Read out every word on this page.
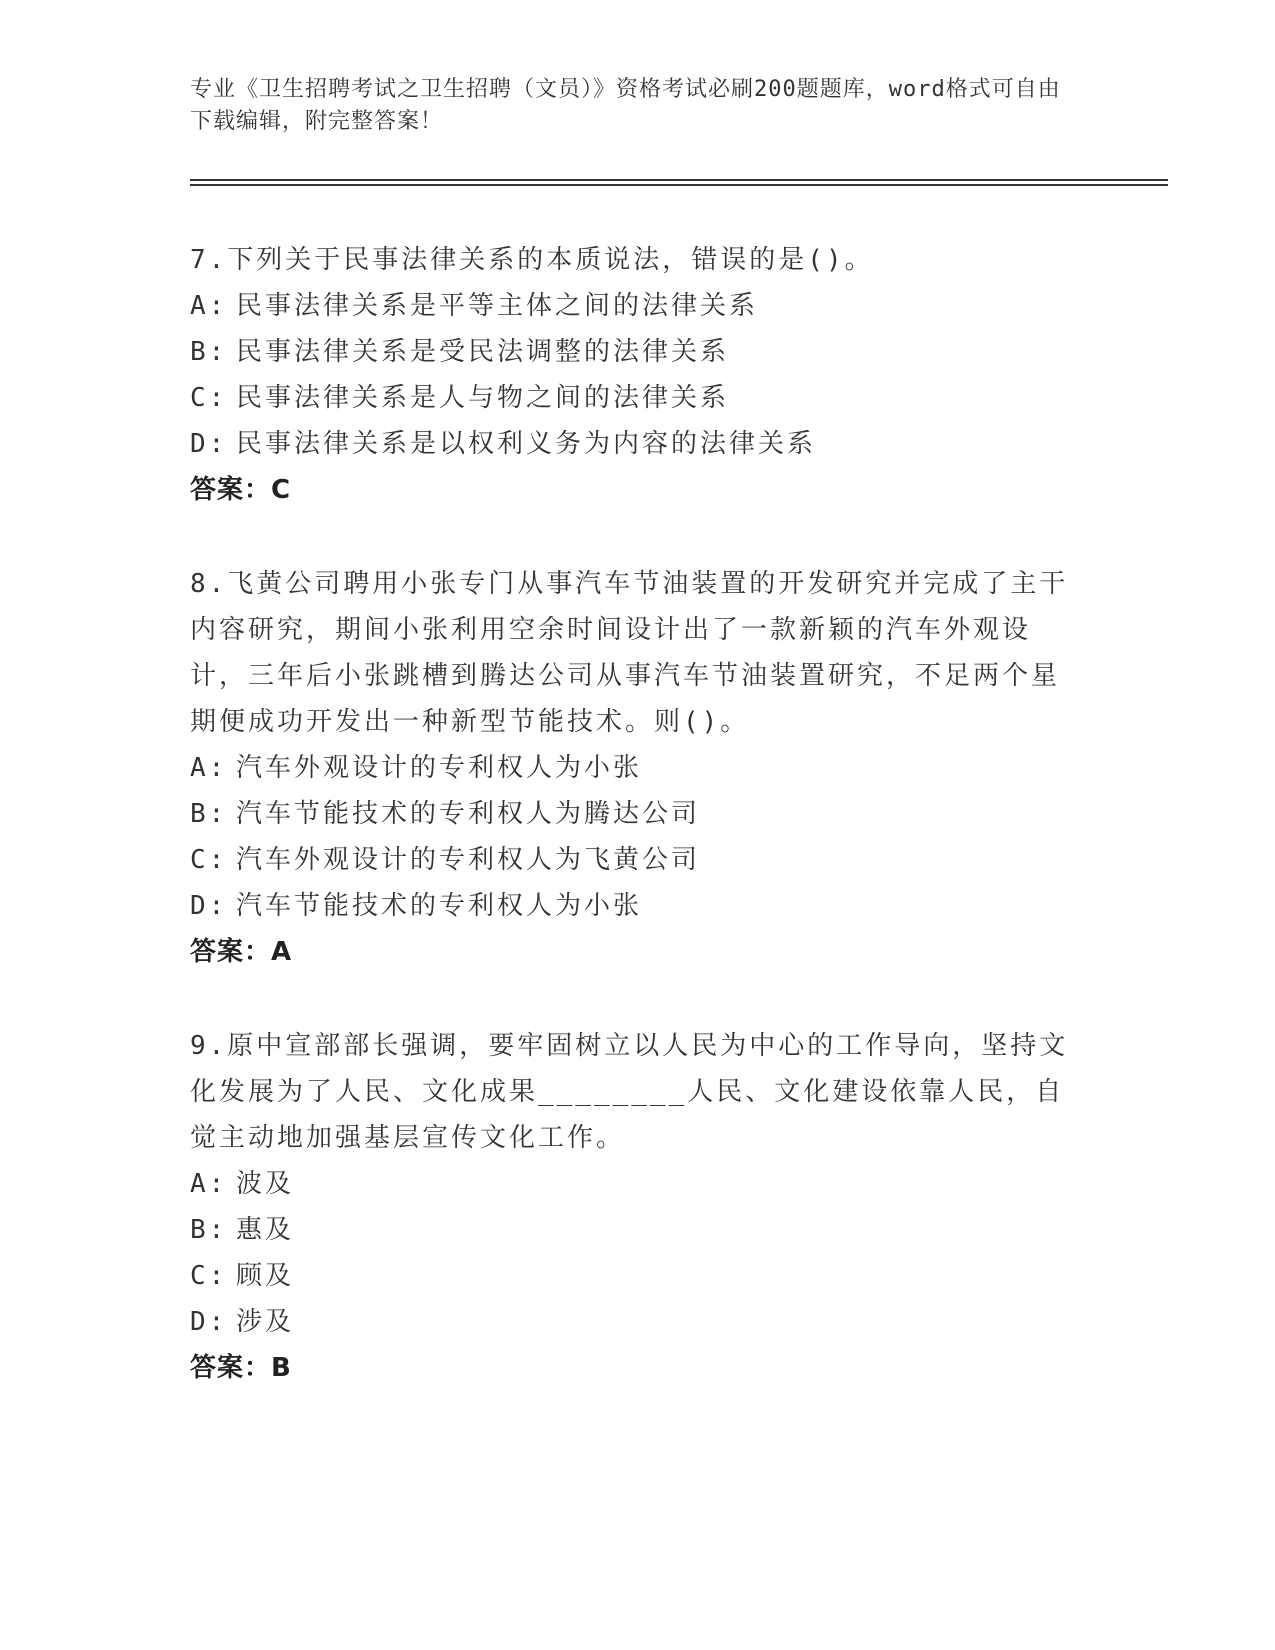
专业《卫生招聘考试之卫生招聘（文员）》资格考试必刷200题题库，word格式可自由下载编辑，附完整答案！

7.下列关于民事法律关系的本质说法，错误的是()。

A: 民事法律关系是平等主体之间的法律关系

B: 民事法律关系是受民法调整的法律关系

C: 民事法律关系是人与物之间的法律关系

D: 民事法律关系是以权利义务为内容的法律关系

答案：C

8.飞黄公司聘用小张专门从事汽车节油装置的开发研究并完成了主干内容研究，期间小张利用空余时间设计出了一款新颖的汽车外观设计，三年后小张跳槽到腾达公司从事汽车节油装置研究，不足两个星期便成功开发出一种新型节能技术。则()。

A: 汽车外观设计的专利权人为小张

B: 汽车节能技术的专利权人为腾达公司

C: 汽车外观设计的专利权人为飞黄公司

D: 汽车节能技术的专利权人为小张

答案：A

9.原中宣部部长强调，要牢固树立以人民为中心的工作导向，坚持文化发展为了人民、文化成果________人民、文化建设依靠人民，自觉主动地加强基层宣传文化工作。

A: 波及

B: 惠及

C: 顾及

D: 涉及

答案：B
